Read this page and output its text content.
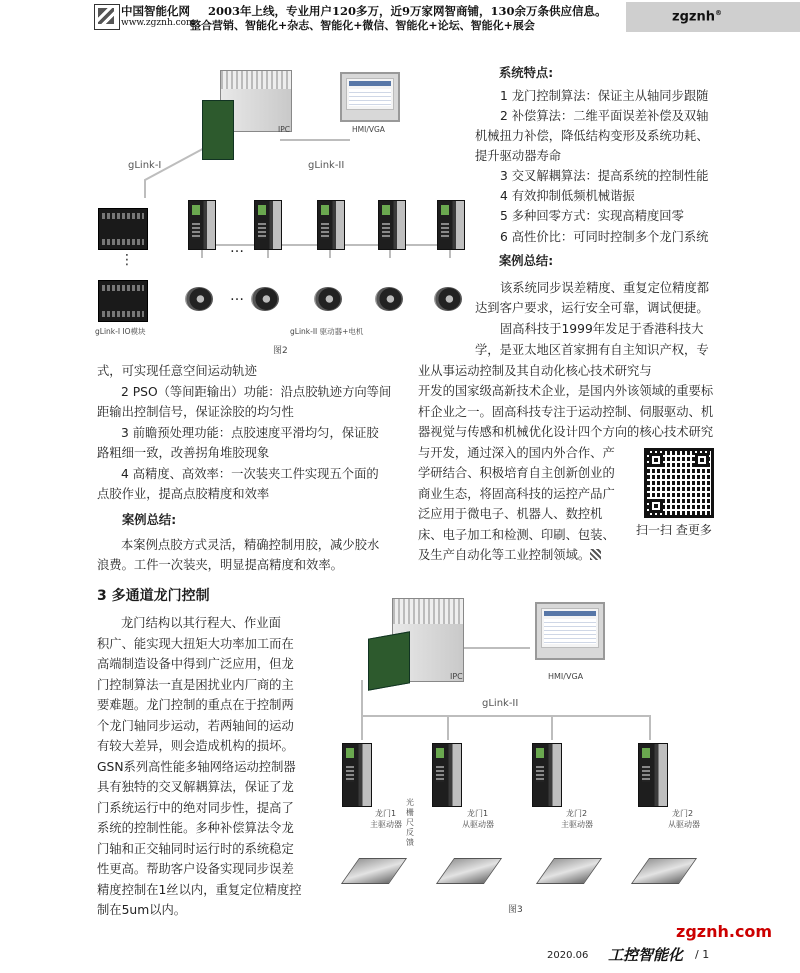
中国智能化网
www.zgznh.com
2003年上线，专业用户120多万，近9万家网智商铺，130余万条供应信息。
整合营销、智能化+杂志、智能化+微信、智能化+论坛、智能化+展会
zgznh®
IPC	HMI/VGA
gLink-I	gLink-II
⋮
gLink-I IO模块
…
…
gLink-II 驱动器+电机
图2
系统特点:
1 龙门控制算法：保证主从轴同步跟随
2 补偿算法：二维平面误差补偿及双轴
机械扭力补偿，降低结构变形及系统功耗、
提升驱动器寿命
3 交叉解耦算法：提高系统的控制性能
4 有效抑制低频机械谐振
5 多种回零方式：实现高精度回零
6 高性价比：可同时控制多个龙门系统
案例总结:
该系统同步误差精度、重复定位精度都
达到客户要求，运行安全可靠，调试便捷。
固高科技于1999年发足于香港科技大
学，是亚太地区首家拥有自主知识产权，专
业从事运动控制及其自动化核心技术研究与
开发的国家级高新技术企业，是国内外该领域的重要标
杆企业之一。固高科技专注于运动控制、伺服驱动、机
器视觉与传感和机械优化设计四个方向的核心技术研究
与开发，通过深入的国内外合作、产
学研结合、积极培育自主创新创业的
商业生态，将固高科技的运控产品广
泛应用于微电子、机器人、数控机
床、电子加工和检测、印刷、包装、
及生产自动化等工业控制领域。
扫一扫 查更多
式，可实现任意空间运动轨迹
2 PSO（等间距输出）功能：沿点胶轨迹方向等间
距输出控制信号，保证涂胶的均匀性
3 前瞻预处理功能：点胶速度平滑均匀，保证胶
路粗细一致，改善拐角堆胶现象
4 高精度、高效率：一次装夹工件实现五个面的
点胶作业，提高点胶精度和效率
案例总结:
本案例点胶方式灵活，精确控制用胶，减少胶水
浪费。工件一次装夹，明显提高精度和效率。
3 多通道龙门控制
龙门结构以其行程大、作业面
积广、能实现大扭矩大功率加工而在
高端制造设备中得到广泛应用，但龙
门控制算法一直是困扰业内厂商的主
要难题。龙门控制的重点在于控制两
个龙门轴同步运动，若两轴间的运动
有较大差异，则会造成机构的损坏。
GSN系列高性能多轴网络运动控制器
具有独特的交叉解耦算法，保证了龙
门系统运行中的绝对同步性，提高了
系统的控制性能。多种补偿算法令龙
门轴和正交轴同时运行时的系统稳定
性更高。帮助客户设备实现同步误差
精度控制在1丝以内，重复定位精度控
制在5um以内。
IPC	HMI/VGA
gLink-II
龙门1
主驱动器
光栅尺反馈
龙门1
从驱动器
龙门2
主驱动器
龙门2
从驱动器
图3
2020.06 工控智能化 / 1
zgznh.com
